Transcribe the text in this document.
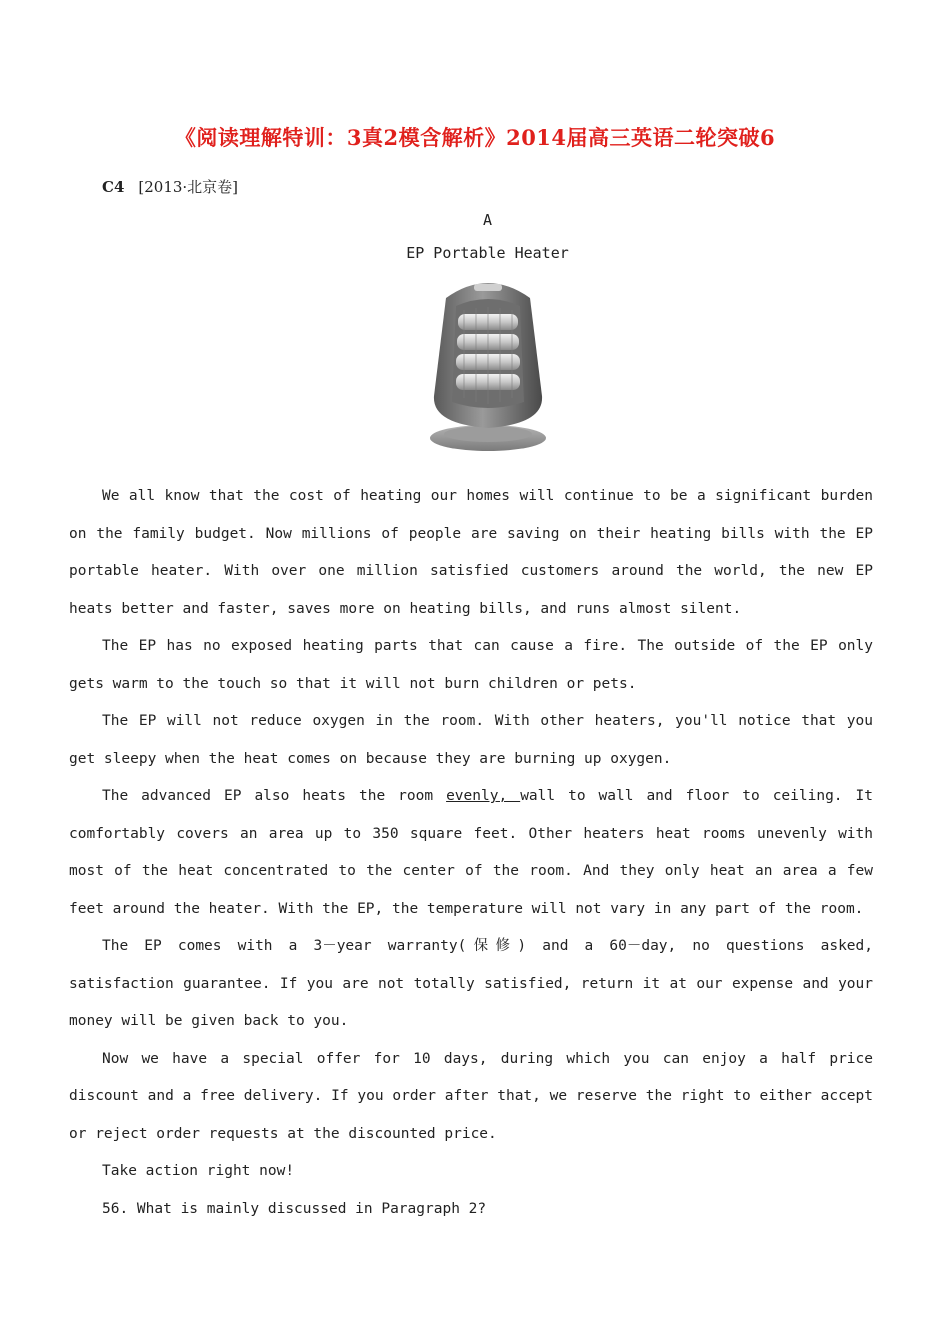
《阅读理解特训：3真2模含解析》2014届高三英语二轮突破6
C4 [2013·北京卷]
A
EP Portable Heater

We all know that the cost of heating our homes will continue to be a significant burden on the family budget. Now millions of people are saving on their heating bills with the EP portable heater. With over one million satisfied customers around the world, the new EP heats better and faster, saves more on heating bills, and runs almost silent.

The EP has no exposed heating parts that can cause a fire. The outside of the EP only gets warm to the touch so that it will not burn children or pets.

The EP will not reduce oxygen in the room. With other heaters, you'll notice that you get sleepy when the heat comes on because they are burning up oxygen.

The advanced EP also heats the room evenly, wall to wall and floor to ceiling. It comfortably covers an area up to 350 square feet. Other heaters heat rooms unevenly with most of the heat concentrated to the center of the room. And they only heat an area a few feet around the heater. With the EP, the temperature will not vary in any part of the room.

The EP comes with a 3－year warranty(保修) and a 60－day, no questions asked, satisfaction guarantee. If you are not totally satisfied, return it at our expense and your money will be given back to you.

Now we have a special offer for 10 days, during which you can enjoy a half price discount and a free delivery. If you order after that, we reserve the right to either accept or reject order requests at the discounted price.

Take action right now!

56. What is mainly discussed in Paragraph 2?
